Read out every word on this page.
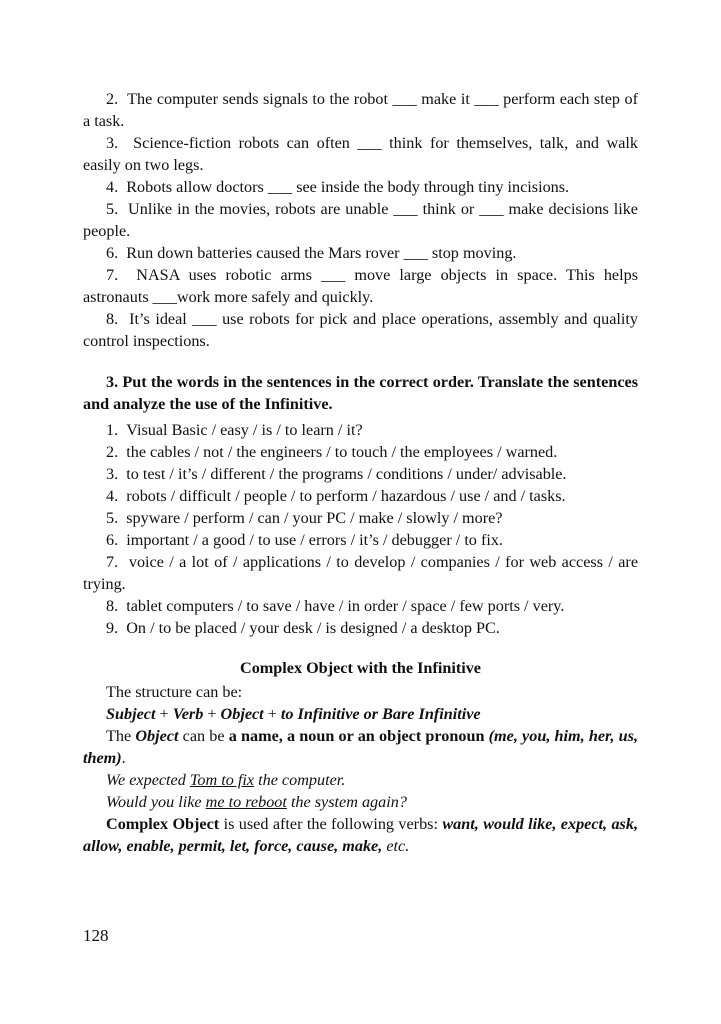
2.  The computer sends signals to the robot ___ make it ___ perform each step of a task.

3.  Science-fiction robots can often ___ think for themselves, talk, and walk easily on two legs.

4.  Robots allow doctors ___ see inside the body through tiny incisions.

5.  Unlike in the movies, robots are unable ___ think or ___ make decisions like people.

6.  Run down batteries caused the Mars rover ___ stop moving.

7.  NASA uses robotic arms ___ move large objects in space. This helps astronauts ___work more safely and quickly.

8.  It’s ideal ___ use robots for pick and place operations, assembly and quality control inspections.

3. Put the words in the sentences in the correct order. Translate the sentences and analyze the use of the Infinitive.

1.  Visual Basic / easy / is / to learn / it?

2.  the cables / not / the engineers / to touch / the employees / warned.

3.  to test / it’s / different / the programs / conditions / under/ advisable.

4.  robots / difficult / people / to perform / hazardous / use / and / tasks.

5.  spyware / perform / can / your PC / make / slowly / more?

6.  important / a good / to use / errors / it’s / debugger / to fix.

7.  voice / a lot of / applications / to develop / companies / for web access / are trying.

8.  tablet computers / to save / have / in order / space / few ports / very.

9.  On / to be placed / your desk / is designed / a desktop PC.

Complex Object with the Infinitive

The structure can be:

Subject + Verb + Object + to Infinitive or Bare Infinitive

The Object can be a name, a noun or an object pronoun (me, you, him, her, us, them).

We expected Tom to fix the computer.

Would you like me to reboot the system again?

Complex Object is used after the following verbs: want, would like, expect, ask, allow, enable, permit, let, force, cause, make, etc.

128
